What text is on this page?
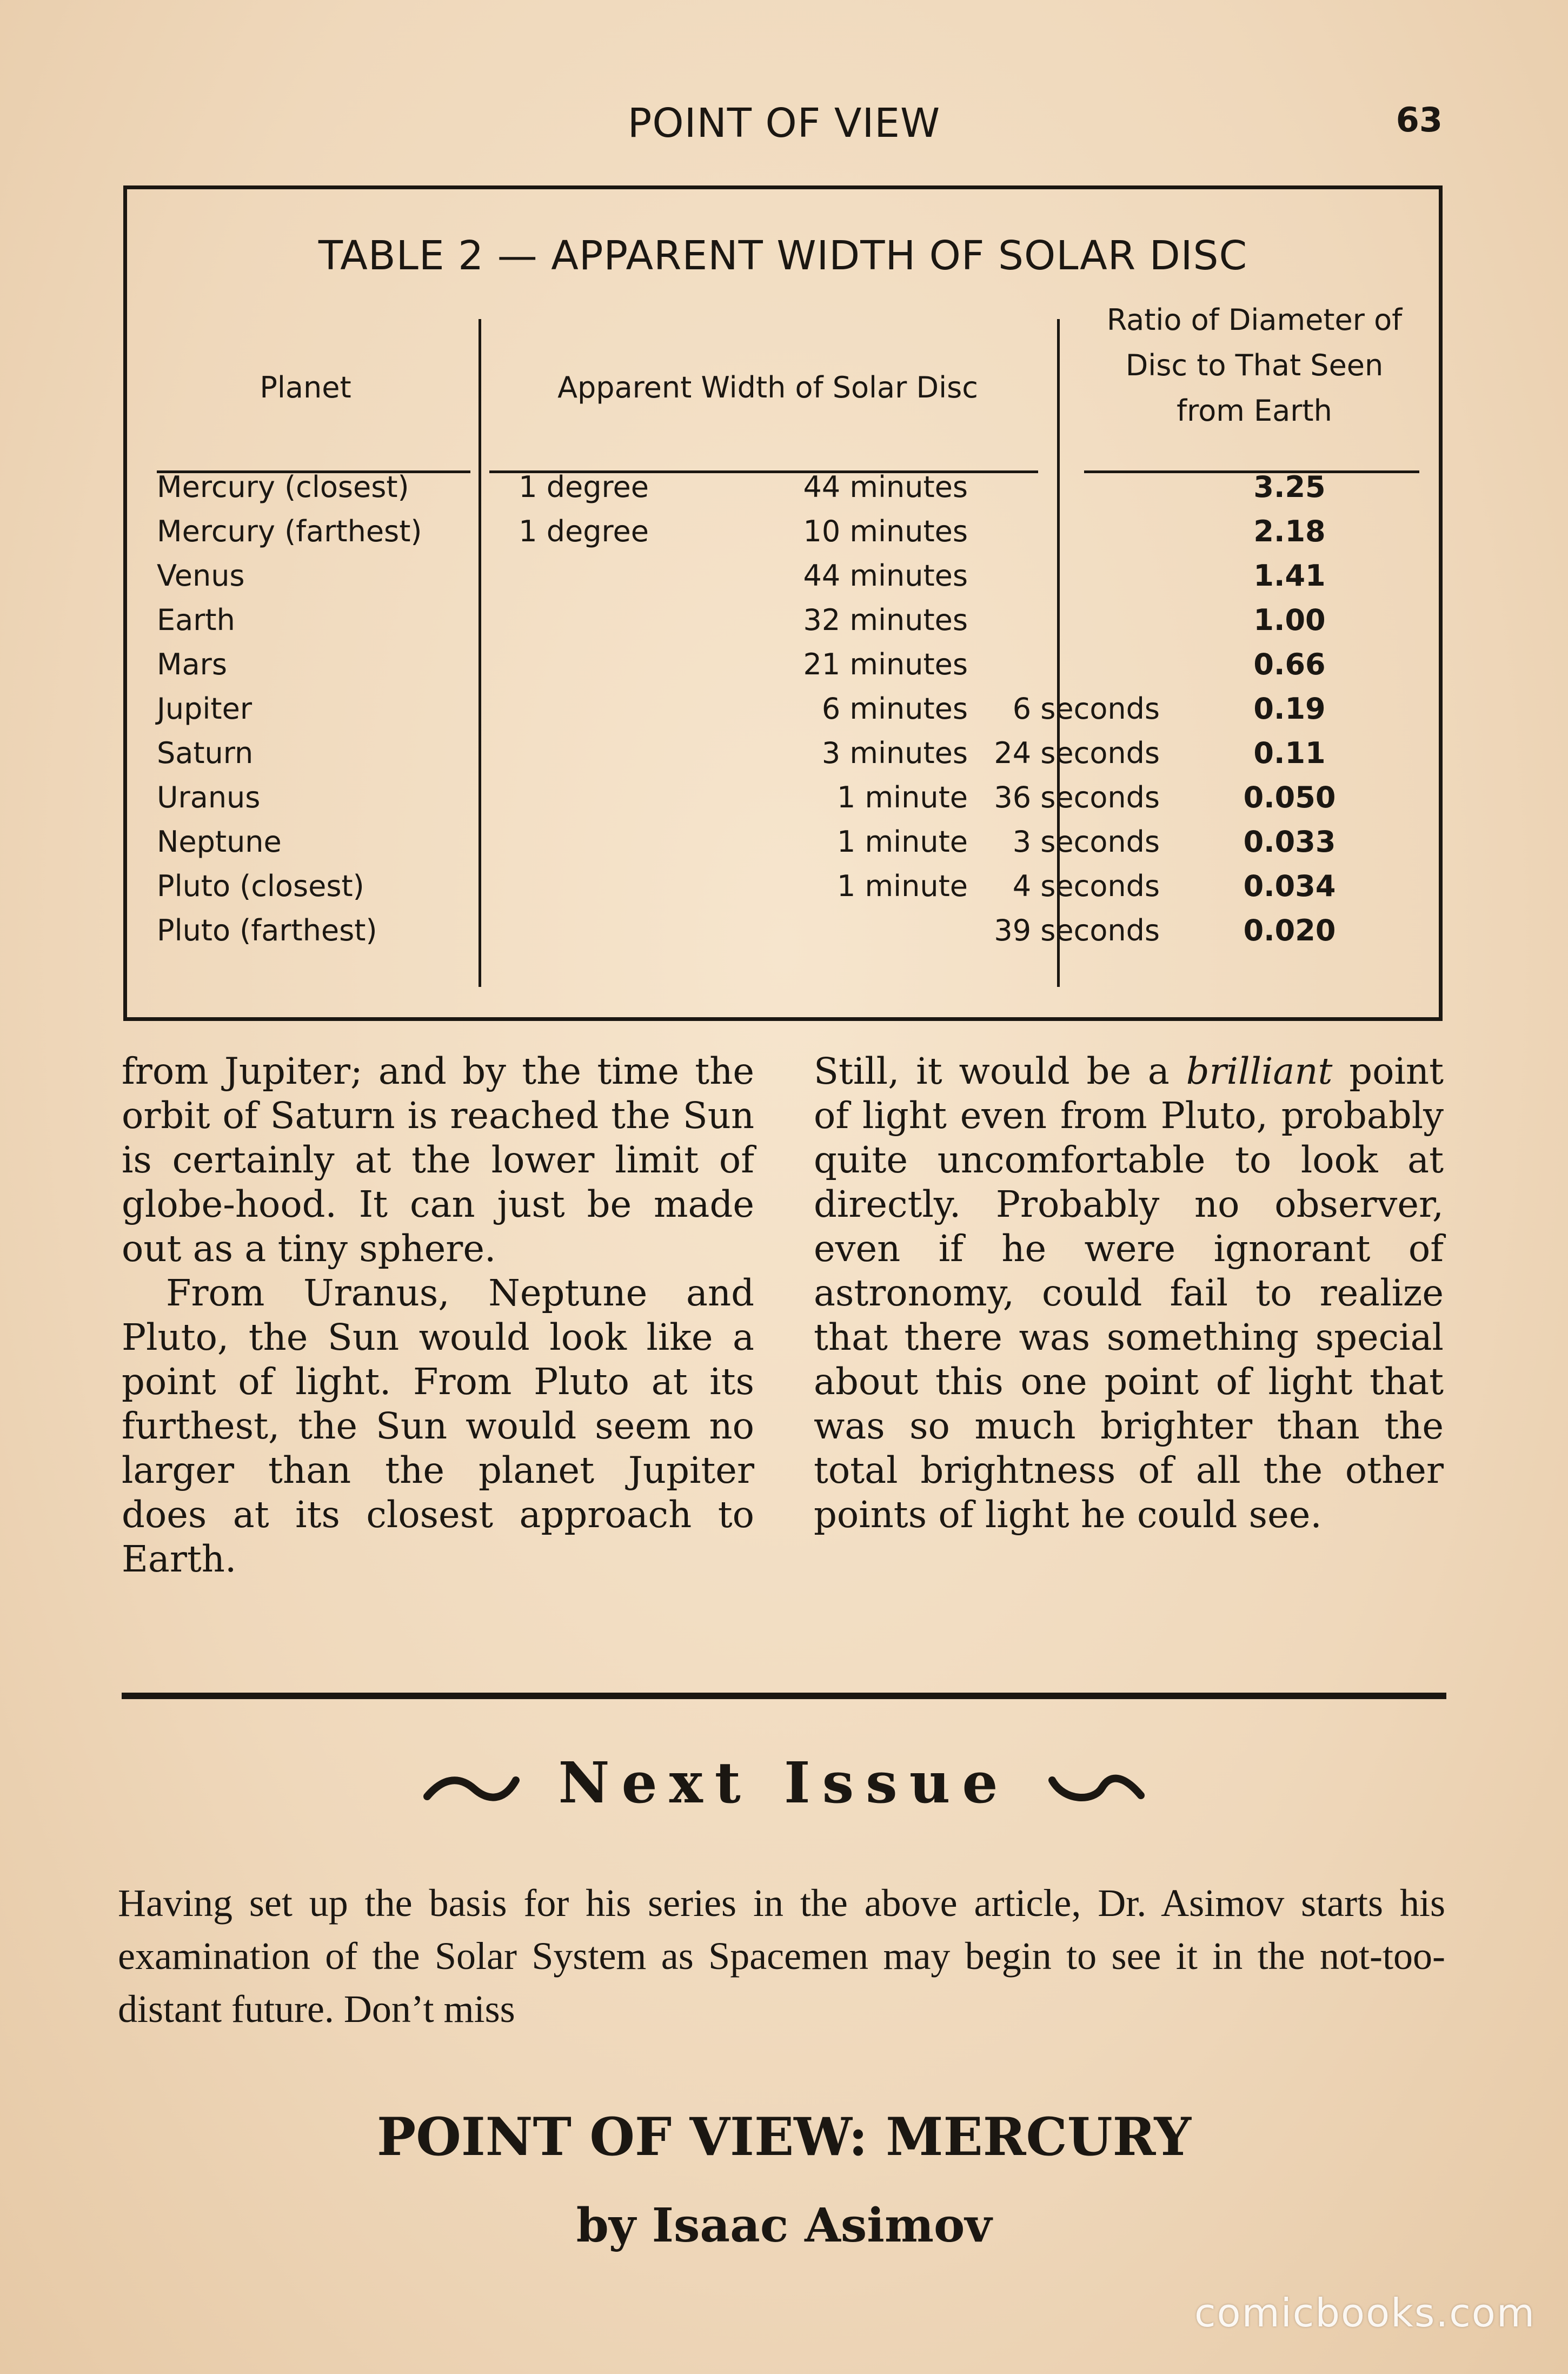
POINT OF VIEW	63
TABLE 2 — APPARENT WIDTH OF SOLAR DISC
Planet	Apparent Width of Solar Disc
Ratio of Diameter of
Disc to That Seen
from Earth
Mercury (closest)	1 degree	44 minutes	3.25
Mercury (farthest)	1 degree	10 minutes	2.18
Venus	44 minutes	1.41
Earth	32 minutes	1.00
Mars	21 minutes	0.66
Jupiter	6 minutes	6 seconds	0.19
Saturn	3 minutes 24 seconds	0.11
Uranus	1 minute 36 seconds	0.050
Neptune	1 minute	3 seconds	0.033
Pluto (closest)	1 minute	4 seconds	0.034
Pluto (farthest)	39 seconds	0.020

from Jupiter; and by the time the orbit of Saturn is reached the Sun is certainly at the lower limit of globe-hood. It can just be made out as a tiny sphere.

From Uranus, Neptune and Pluto, the Sun would look like a point of light. From Pluto at its furthest, the Sun would seem no larger than the planet Jupiter does at its closest approach to Earth.

Still, it would be a brilliant point of light even from Pluto, probably quite uncomfortable to look at directly. Probably no observer, even if he were ignorant of astronomy, could fail to realize that there was something special about this one point of light that was so much brighter than the total brightness of all the other points of light he could see.

Next Issue
Having set up the basis for his series in the above article, Dr. Asimov starts his examination of the Solar System as Spacemen may begin to see it in the not-too-distant future. Don’t miss
POINT OF VIEW: MERCURY
by Isaac Asimov
comicbooks.com
